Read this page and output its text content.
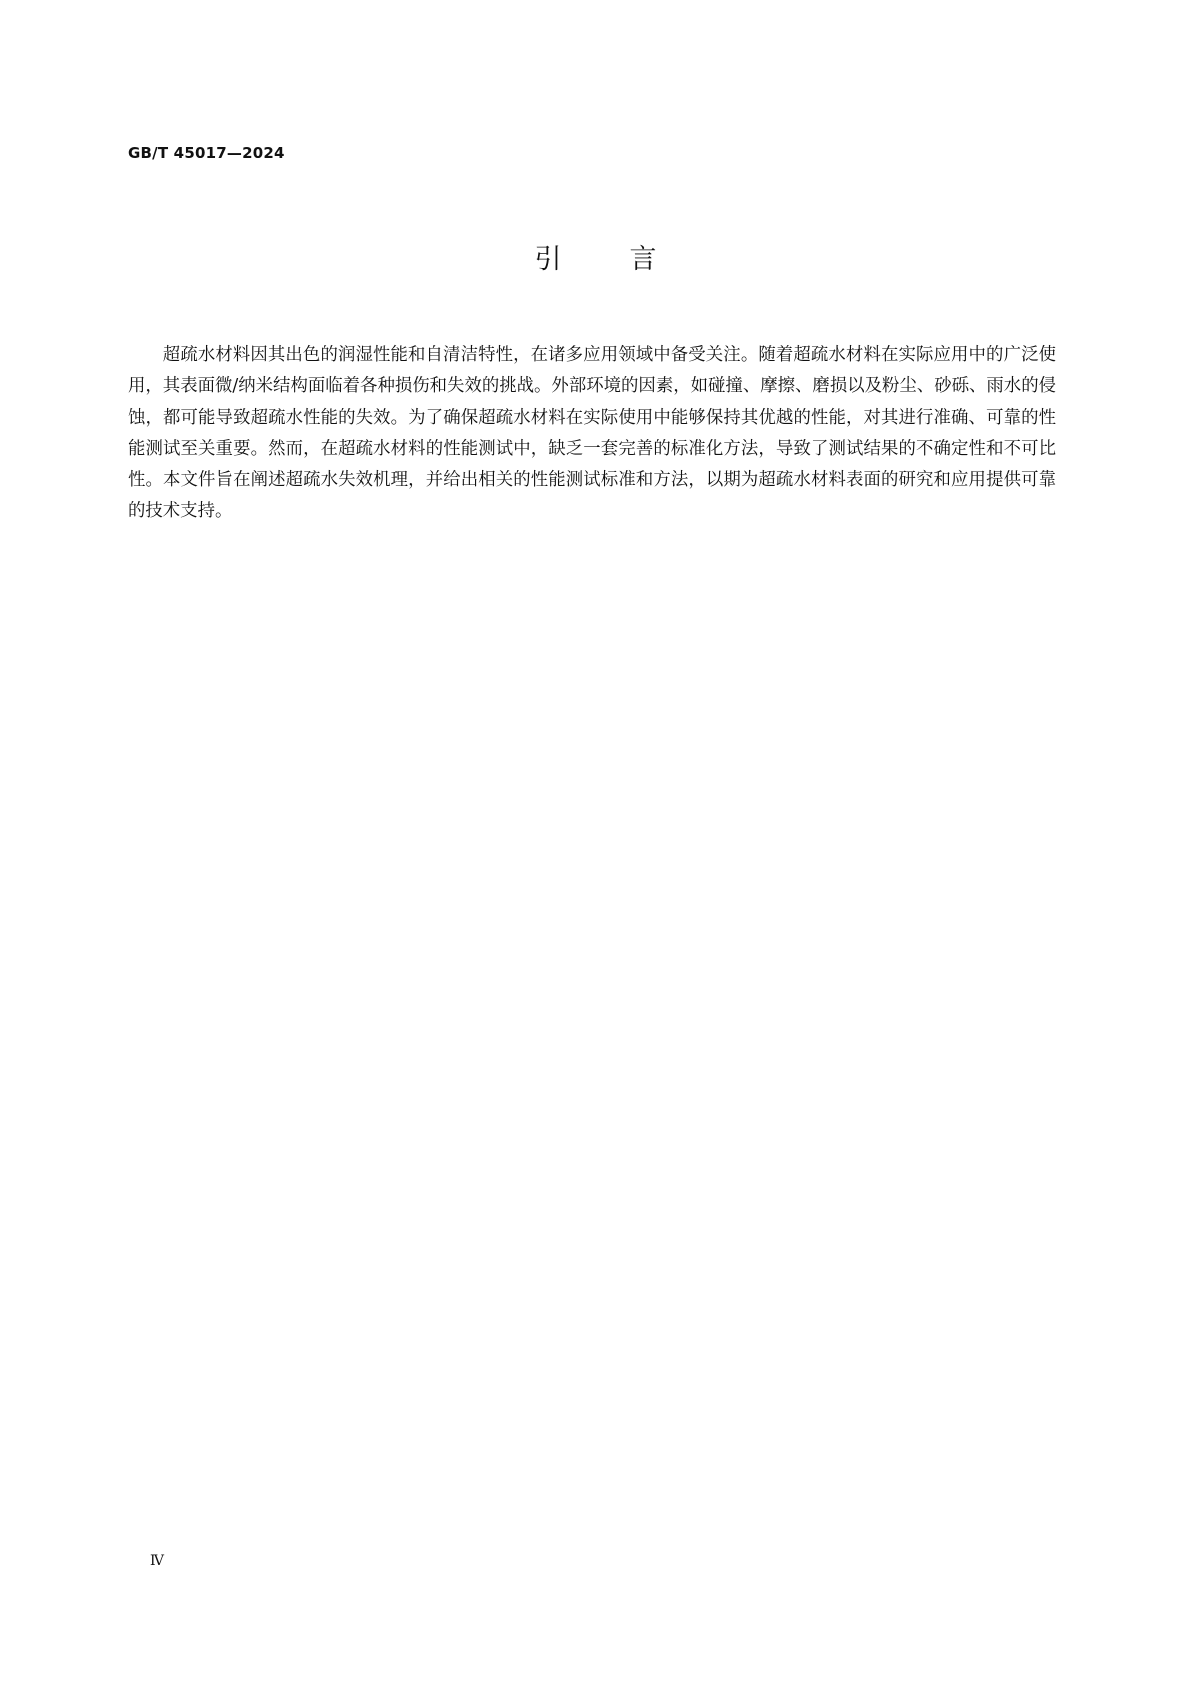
GB/T 45017—2024
引言

超疏水材料因其出色的润湿性能和自清洁特性，在诸多应用领域中备受关注。随着超疏水材料在实际应用中的广泛使用，其表面微/纳米结构面临着各种损伤和失效的挑战。外部环境的因素，如碰撞、摩擦、磨损以及粉尘、砂砾、雨水的侵蚀，都可能导致超疏水性能的失效。为了确保超疏水材料在实际使用中能够保持其优越的性能，对其进行准确、可靠的性能测试至关重要。然而，在超疏水材料的性能测试中，缺乏一套完善的标准化方法，导致了测试结果的不确定性和不可比性。本文件旨在阐述超疏水失效机理，并给出相关的性能测试标准和方法，以期为超疏水材料表面的研究和应用提供可靠的技术支持。

Ⅳ
